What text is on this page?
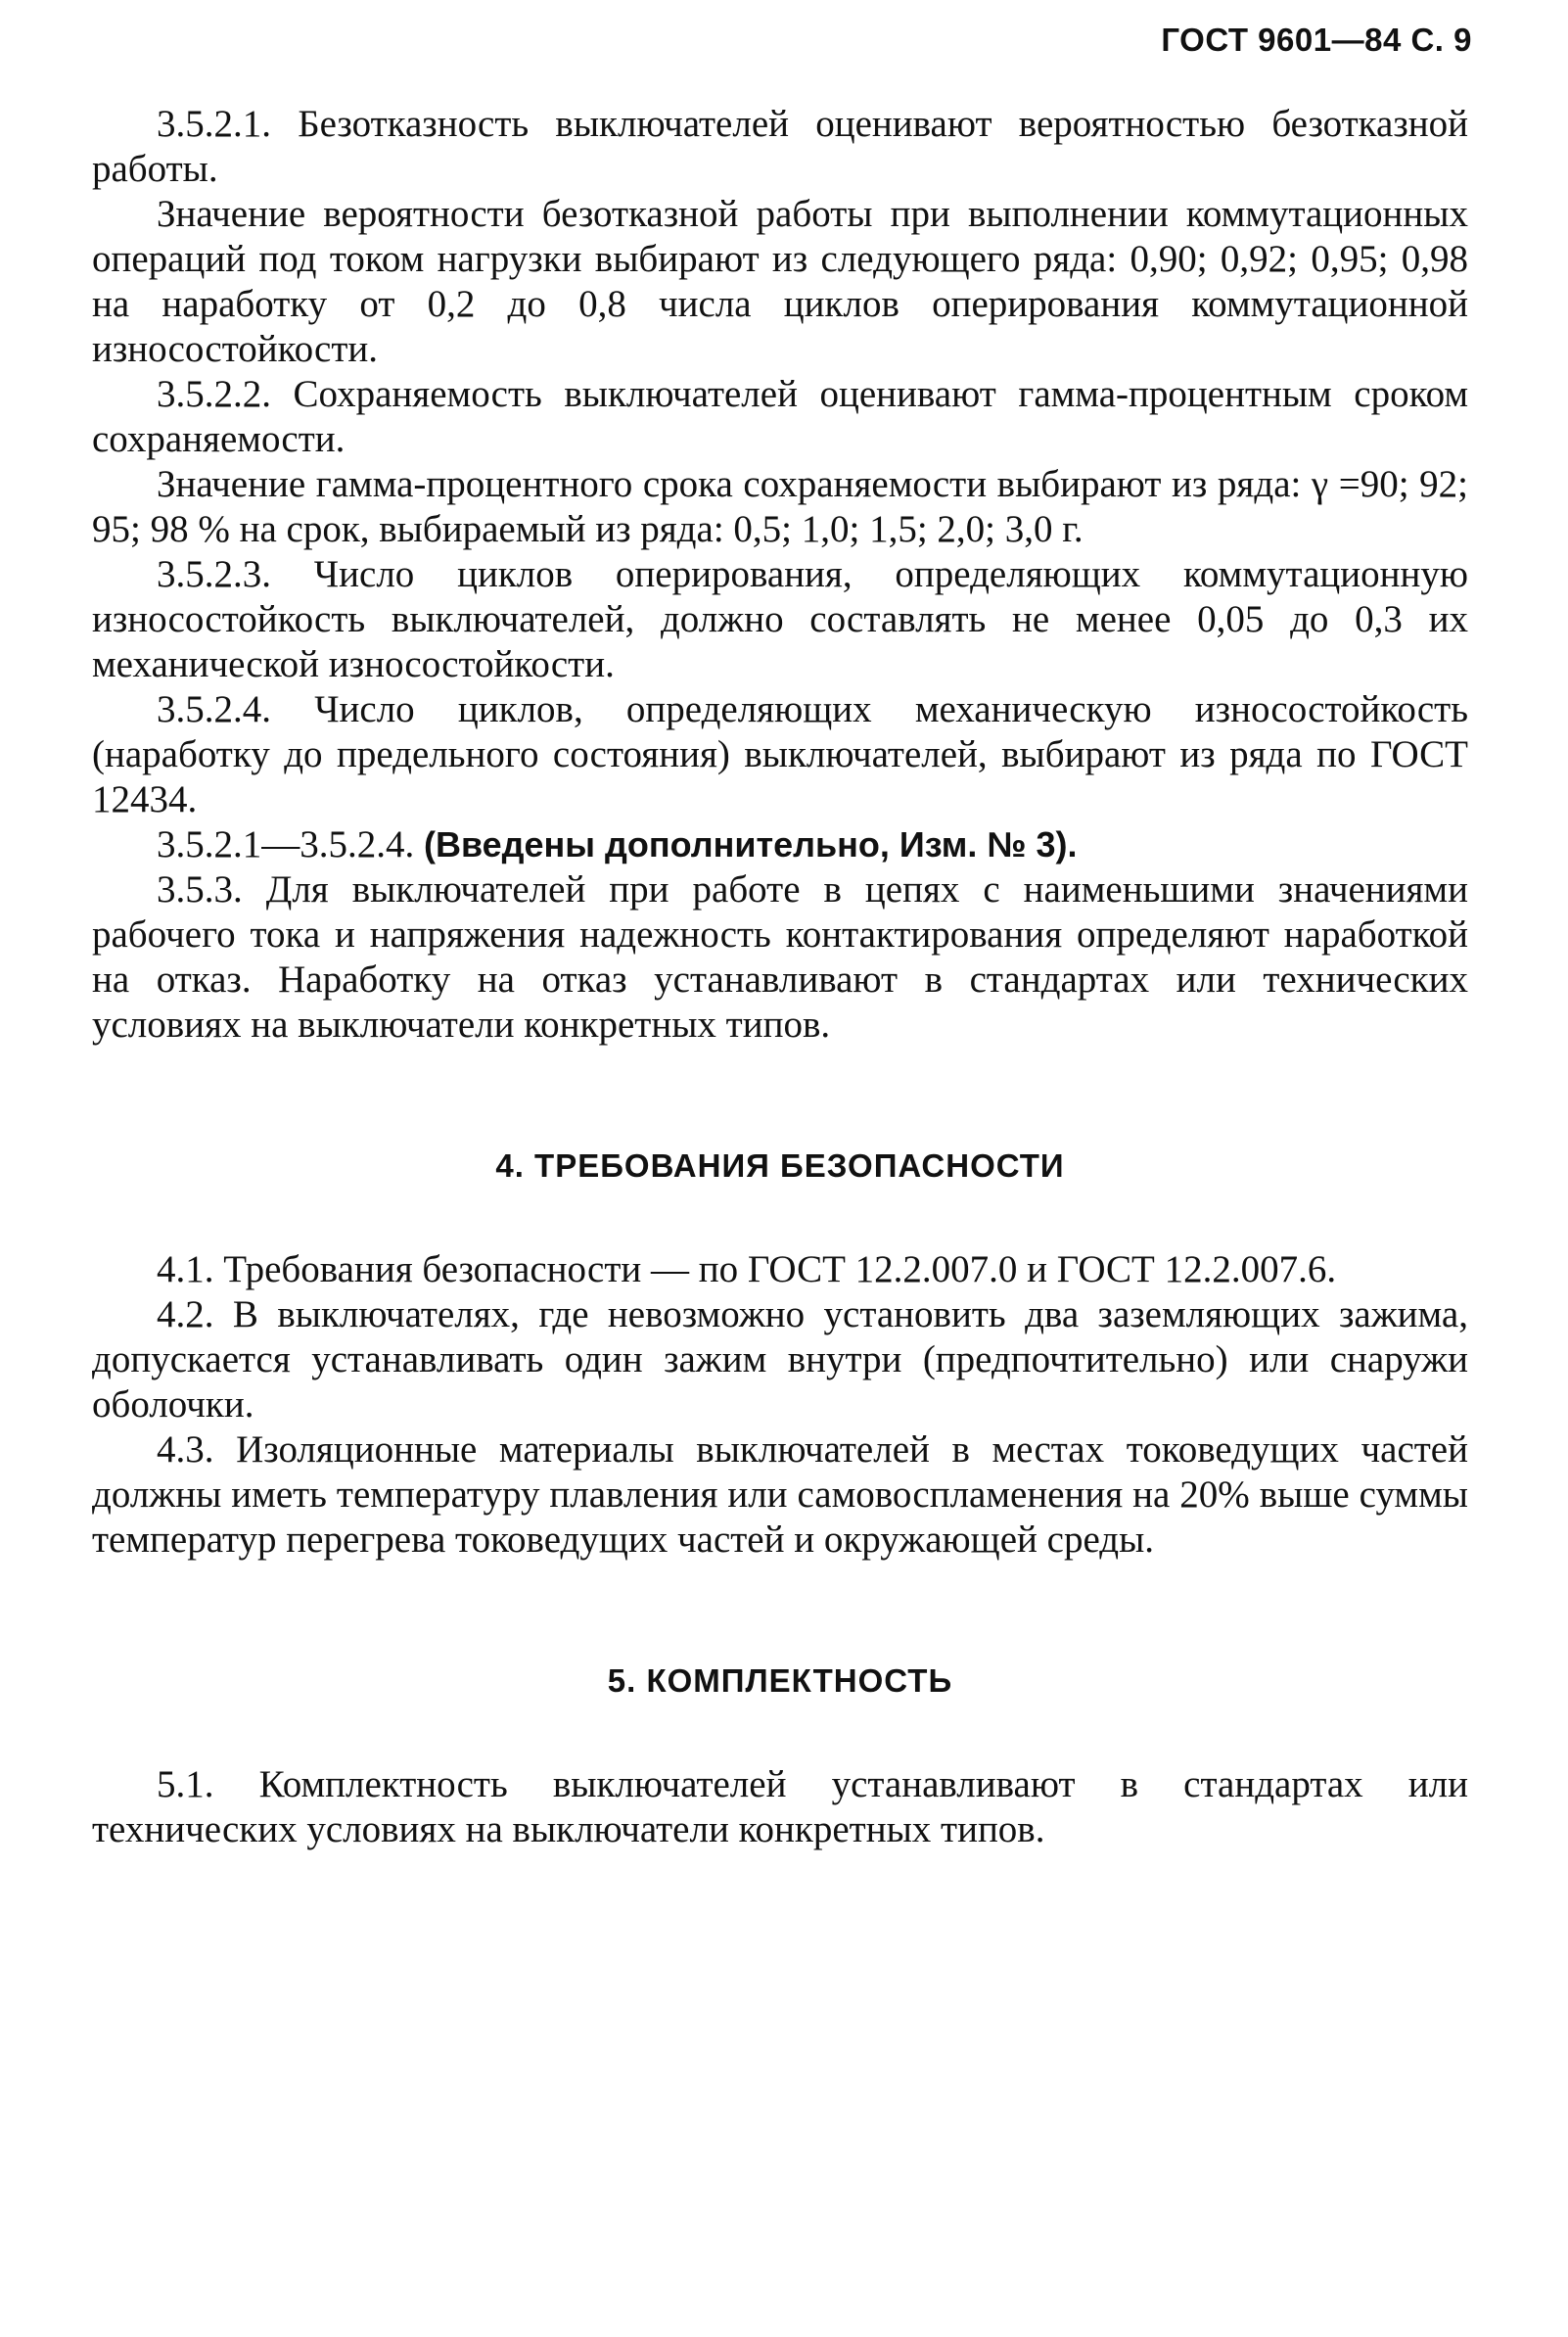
ГОСТ 9601—84 С. 9

3.5.2.1. Безотказность выключателей оценивают вероятностью безотказной работы.

Значение вероятности безотказной работы при выполнении коммутационных операций под током нагрузки выбирают из следующего ряда: 0,90; 0,92; 0,95; 0,98 на наработку от 0,2 до 0,8 числа циклов оперирования коммутационной износостойкости.

3.5.2.2. Сохраняемость выключателей оценивают гамма-процентным сроком сохраняемости.

Значение гамма-процентного срока сохраняемости выбирают из ряда: γ =90; 92; 95; 98 % на срок, выбираемый из ряда: 0,5; 1,0; 1,5; 2,0; 3,0 г.

3.5.2.3. Число циклов оперирования, определяющих коммутационную износостойкость выключателей, должно составлять не менее 0,05 до 0,3 их механической износостойкости.

3.5.2.4. Число циклов, определяющих механическую износостойкость (наработку до предельного состояния) выключателей, выбирают из ряда по ГОСТ 12434.

3.5.2.1—3.5.2.4. (Введены дополнительно, Изм. № 3).

3.5.3. Для выключателей при работе в цепях с наименьшими значениями рабочего тока и напряжения надежность контактирования определяют наработкой на отказ. Наработку на отказ устанавливают в стандартах или технических условиях на выключатели конкретных типов.

4. ТРЕБОВАНИЯ БЕЗОПАСНОСТИ

4.1. Требования безопасности — по ГОСТ 12.2.007.0 и ГОСТ 12.2.007.6.

4.2. В выключателях, где невозможно установить два заземляющих зажима, допускается устанавливать один зажим внутри (предпочтительно) или снаружи оболочки.

4.3. Изоляционные материалы выключателей в местах токоведущих частей должны иметь температуру плавления или самовоспламенения на 20% выше суммы температур перегрева токоведущих частей и окружающей среды.

5. КОМПЛЕКТНОСТЬ

5.1. Комплектность выключателей устанавливают в стандартах или технических условиях на выключатели конкретных типов.
